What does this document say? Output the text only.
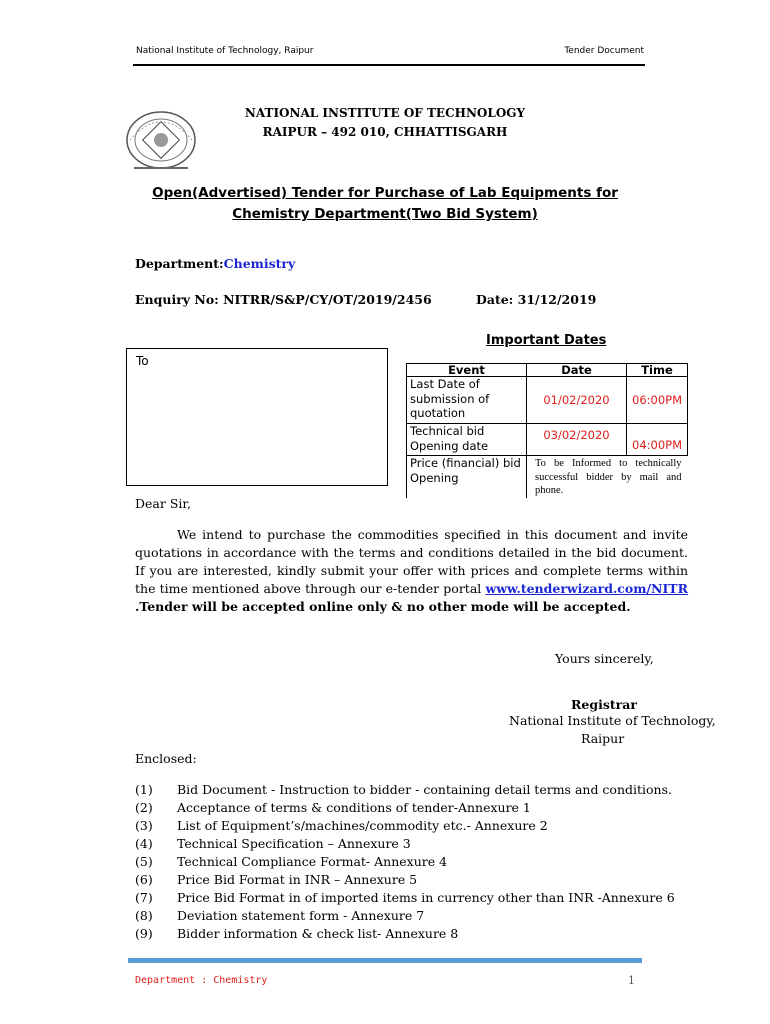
National Institute of Technology, Raipur	Tender Document
NATIONAL INSTITUTE OF TECHNOLOGY
RAIPUR – 492 010, CHHATTISGARH
Open(Advertised) Tender for Purchase of Lab Equipments for
Chemistry Department(Two Bid System)
Department:Chemistry
Enquiry No: NITRR/S&P/CY/OT/2019/2456	Date: 31/12/2019
Important Dates
To
Event	Date	Time
Last Date of submission of quotation	01/02/2020	06:00PM
Technical bid Opening date	03/02/2020	04:00PM
Price (financial) bid Opening	To be Informed to technically successful bidder by mail and phone.	
Dear Sir,
We intend to purchase the commodities specified in this document and invite quotations in accordance with the terms and conditions detailed in the bid document. If you are interested, kindly submit your offer with prices and complete terms within the time mentioned above through our e-tender portal www.tenderwizard.com/NITR .Tender will be accepted online only & no other mode will be accepted.
Yours sincerely,
Registrar
National Institute of Technology,
Raipur
Enclosed:
(1) Bid Document - Instruction to bidder - containing detail terms and conditions.
(2) Acceptance of terms & conditions of tender-Annexure 1
(3) List of Equipment’s/machines/commodity etc.- Annexure 2
(4) Technical Specification – Annexure 3
(5) Technical Compliance Format- Annexure 4
(6) Price Bid Format in INR – Annexure 5
(7) Price Bid Format in of imported items in currency other than INR -Annexure 6
(8) Deviation statement form - Annexure 7
(9) Bidder information & check list- Annexure 8
Department : Chemistry	1
